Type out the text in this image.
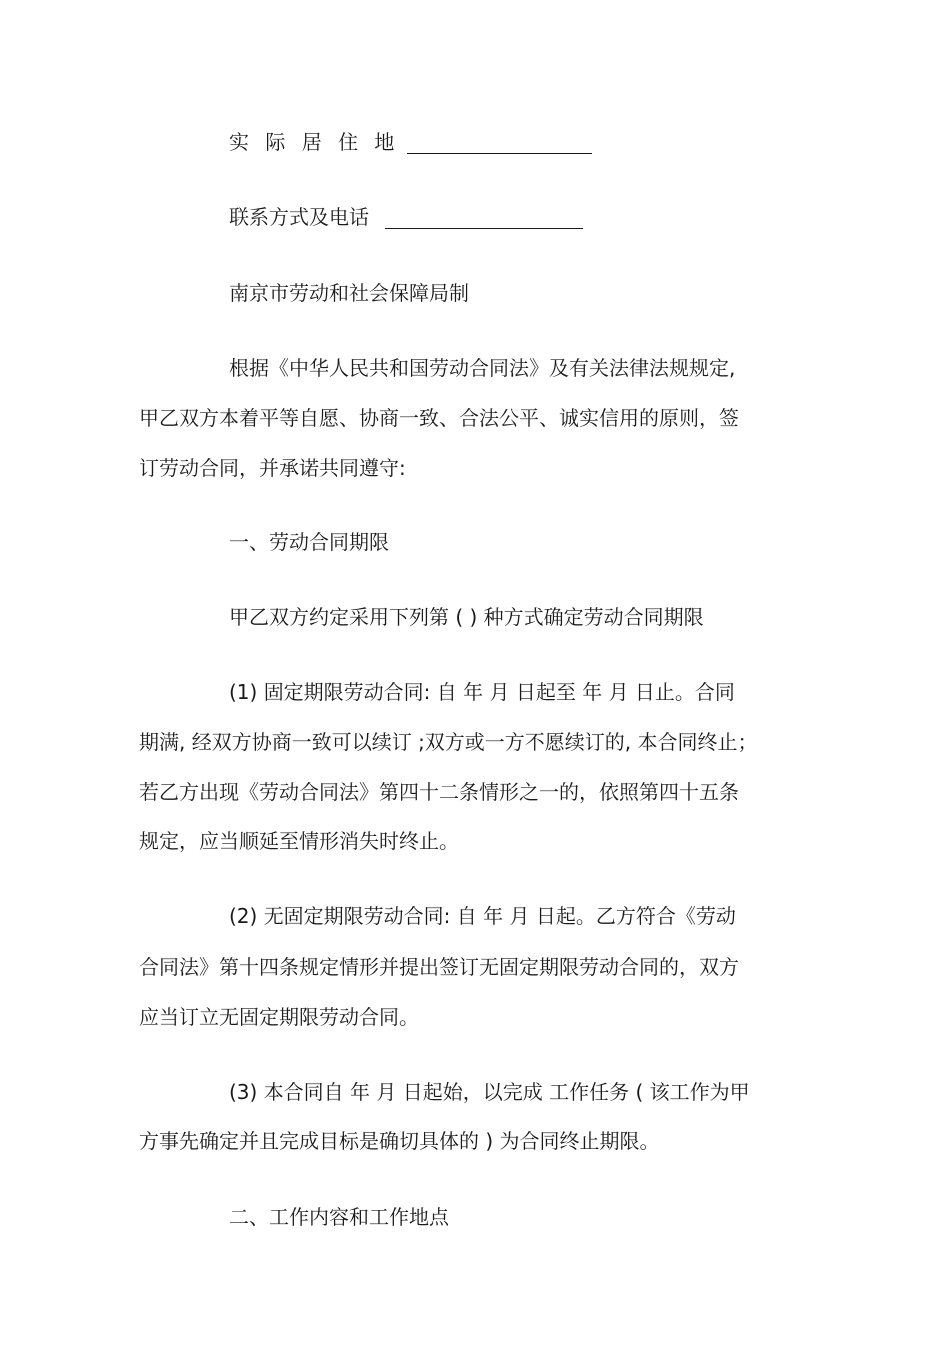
实 际 居 住 地
联系方式及电话
南京市劳动和社会保障局制
根据《中华人民共和国劳动合同法》及有关法律法规规定,
甲乙双方本着平等自愿、协商一致、合法公平、诚实信用的原则，签
订劳动合同，并承诺共同遵守:
一、劳动合同期限
甲乙双方约定采用下列第 ( ) 种方式确定劳动合同期限
(1) 固定期限劳动合同: 自 年 月 日起至 年 月 日止。合同
期满, 经双方协商一致可以续订 ;双方或一方不愿续订的, 本合同终止；
若乙方出现《劳动合同法》第四十二条情形之一的，依照第四十五条
规定，应当顺延至情形消失时终止。
(2) 无固定期限劳动合同: 自 年 月 日起。乙方符合《劳动
合同法》第十四条规定情形并提出签订无固定期限劳动合同的，双方
应当订立无固定期限劳动合同。
(3) 本合同自 年 月 日起始，以完成 工作任务 ( 该工作为甲
方事先确定并且完成目标是确切具体的 ) 为合同终止期限。
二、工作内容和工作地点
